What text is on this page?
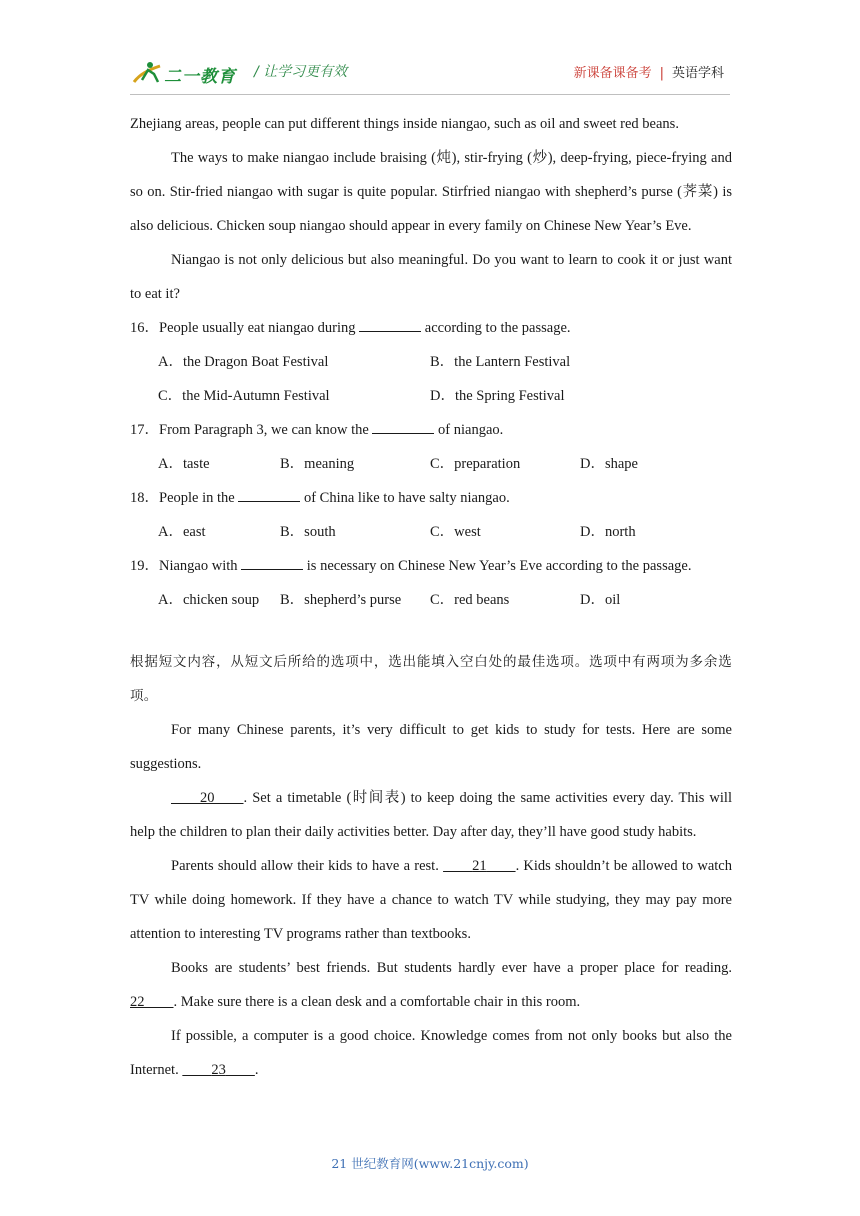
二一教育 / 让学习更有效	新课备课备考 | 英语学科

Zhejiang areas, people can put different things inside niangao, such as oil and sweet red beans.

The ways to make niangao include braising (炖), stir-frying (炒), deep-frying, piece-frying and so on. Stir-fried niangao with sugar is quite popular. Stirfried niangao with shepherd’s purse (荠菜) is also delicious. Chicken soup niangao should appear in every family on Chinese New Year’s Eve.

Niangao is not only delicious but also meaningful. Do you want to learn to cook it or just want to eat it?

16．People usually eat niangao during	according to the passage.
A．the Dragon Boat Festival	B．the Lantern Festival
C．the Mid-Autumn Festival	D．the Spring Festival
17．From Paragraph 3, we can know the	of niangao.
A．taste	B．meaning	C．preparation	D．shape
18．People in the	of China like to have salty niangao.
A．east	B．south	C．west	D．north
19．Niangao with	is necessary on Chinese New Year’s Eve according to the passage.
A．chicken soup	B．shepherd’s purse	C．red beans	D．oil

根据短文内容，从短文后所给的选项中，选出能填入空白处的最佳选项。选项中有两项为多余选项。

For many Chinese parents, it’s very difficult to get kids to study for tests. Here are some suggestions.

  20   . Set a timetable (时间表) to keep doing the same activities every day. This will help the children to plan their daily activities better. Day after day, they’ll have good study habits.

Parents should allow their kids to have a rest.    21   . Kids shouldn’t be allowed to watch TV while doing homework. If they have a chance to watch TV while studying, they may pay more attention to interesting TV programs rather than textbooks.

Books are students’ best friends. But students hardly ever have a proper place for reading. 22   . Make sure there is a clean desk and a comfortable chair in this room.

If possible, a computer is a good choice. Knowledge comes from not only books but also the Internet.    23   .

21 世纪教育网(www.21cnjy.com)
